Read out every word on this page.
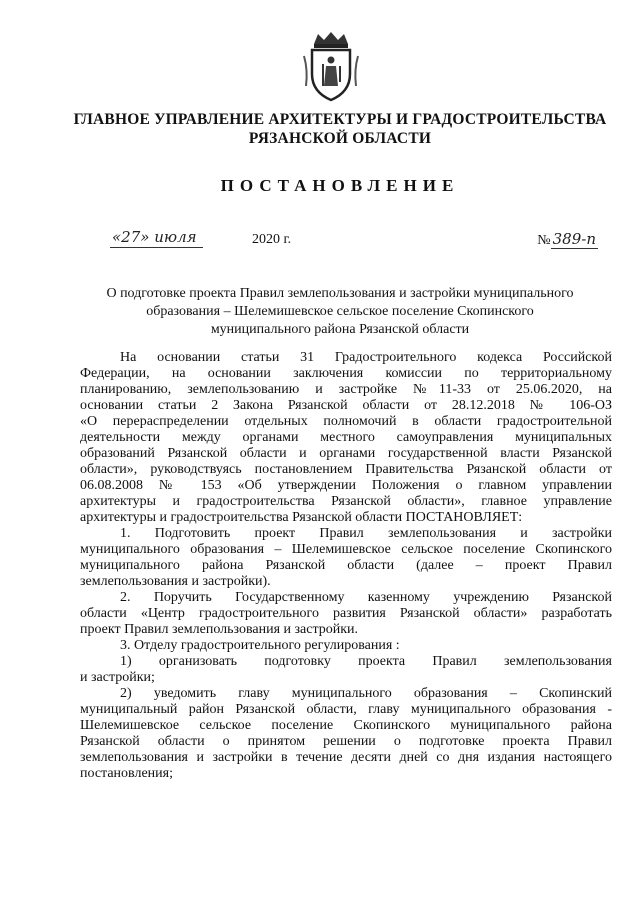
ГЛАВНОЕ УПРАВЛЕНИЕ АРХИТЕКТУРЫ И ГРАДОСТРОИТЕЛЬСТВА
РЯЗАНСКОЙ ОБЛАСТИ
ПОСТАНОВЛЕНИЕ
«27» июля	2020 г.	№ 389-п
О подготовке проекта Правил землепользования и застройки муниципального
образования – Шелемишевское сельское поселение Скопинского
муниципального района Рязанской области
На основании статьи 31 Градостроительного кодекса Российской
Федерации, на основании заключения комиссии по территориальному
планированию, землепользованию и застройке №11-33 от 25.06.2020, на
основании статьи 2 Закона Рязанской области от 28.12.2018 № 106-ОЗ
«О перераспределении отдельных полномочий в области градостроительной
деятельности между органами местного самоуправления муниципальных
образований Рязанской области и органами государственной власти Рязанской
области», руководствуясь постановлением Правительства Рязанской области от
06.08.2008 № 153 «Об утверждении Положения о главном управлении
архитектуры и градостроительства Рязанской области», главное управление
архитектуры и градостроительства Рязанской области ПОСТАНОВЛЯЕТ:
1. Подготовить проект Правил землепользования и застройки
муниципального образования – Шелемишевское сельское поселение Скопинского
муниципального района Рязанской области (далее – проект Правил
землепользования и застройки).
2. Поручить Государственному казенному учреждению Рязанской
области «Центр градостроительного развития Рязанской области» разработать
проект Правил землепользования и застройки.
3. Отделу градостроительного регулирования :
1) организовать подготовку проекта Правил землепользования
и застройки;
2) уведомить главу муниципального образования – Скопинский
муниципальный район Рязанской области, главу муниципального образования -
Шелемишевское сельское поселение Скопинского муниципального района
Рязанской области о принятом решении о подготовке проекта Правил
землепользования и застройки в течение десяти дней со дня издания настоящего
постановления;
